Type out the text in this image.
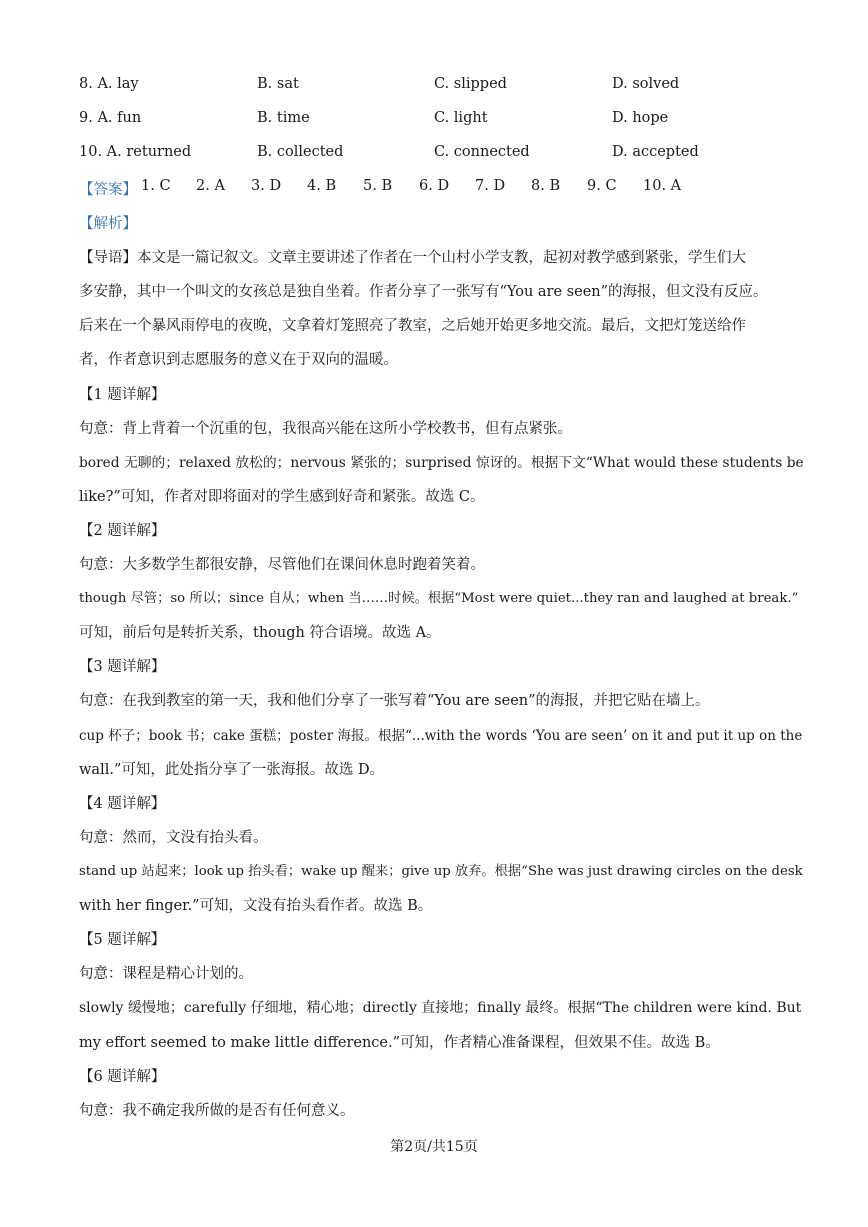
8. A. lay	B. sat	C. slipped	D. solved
9. A. fun	B. time	C. light	D. hope
10. A. returned	B. collected	C. connected	D. accepted
【答案】 1. C 2. A 3. D 4. B 5. B 6. D 7. D 8. B 9. C 10. A
【解析】
【导语】本文是一篇记叙文。文章主要讲述了作者在一个山村小学支教，起初对教学感到紧张，学生们大
多安静，其中一个叫文的女孩总是独自坐着。作者分享了一张写有“You are seen”的海报，但文没有反应。
后来在一个暴风雨停电的夜晚，文拿着灯笼照亮了教室，之后她开始更多地交流。最后，文把灯笼送给作
者，作者意识到志愿服务的意义在于双向的温暖。
【1 题详解】
句意：背上背着一个沉重的包，我很高兴能在这所小学校教书，但有点紧张。
bored 无聊的；relaxed 放松的；nervous 紧张的；surprised 惊讶的。根据下文“What would these students be
like?”可知，作者对即将面对的学生感到好奇和紧张。故选 C。
【2 题详解】
句意：大多数学生都很安静，尽管他们在课间休息时跑着笑着。
though 尽管；so 所以；since 自从；when 当……时候。根据“Most were quiet...they ran and laughed at break.”
可知，前后句是转折关系，though 符合语境。故选 A。
【3 题详解】
句意：在我到教室的第一天，我和他们分享了一张写着“You are seen”的海报，并把它贴在墙上。
cup 杯子；book 书；cake 蛋糕；poster 海报。根据“...with the words ‘You are seen’ on it and put it up on the
wall.”可知，此处指分享了一张海报。故选 D。
【4 题详解】
句意：然而，文没有抬头看。
stand up 站起来；look up 抬头看；wake up 醒来；give up 放弃。根据“She was just drawing circles on the desk
with her finger.”可知，文没有抬头看作者。故选 B。
【5 题详解】
句意：课程是精心计划的。
slowly 缓慢地；carefully 仔细地，精心地；directly 直接地；finally 最终。根据“The children were kind. But
my effort seemed to make little difference.”可知，作者精心准备课程，但效果不佳。故选 B。
【6 题详解】
句意：我不确定我所做的是否有任何意义。
第2页/共15页
